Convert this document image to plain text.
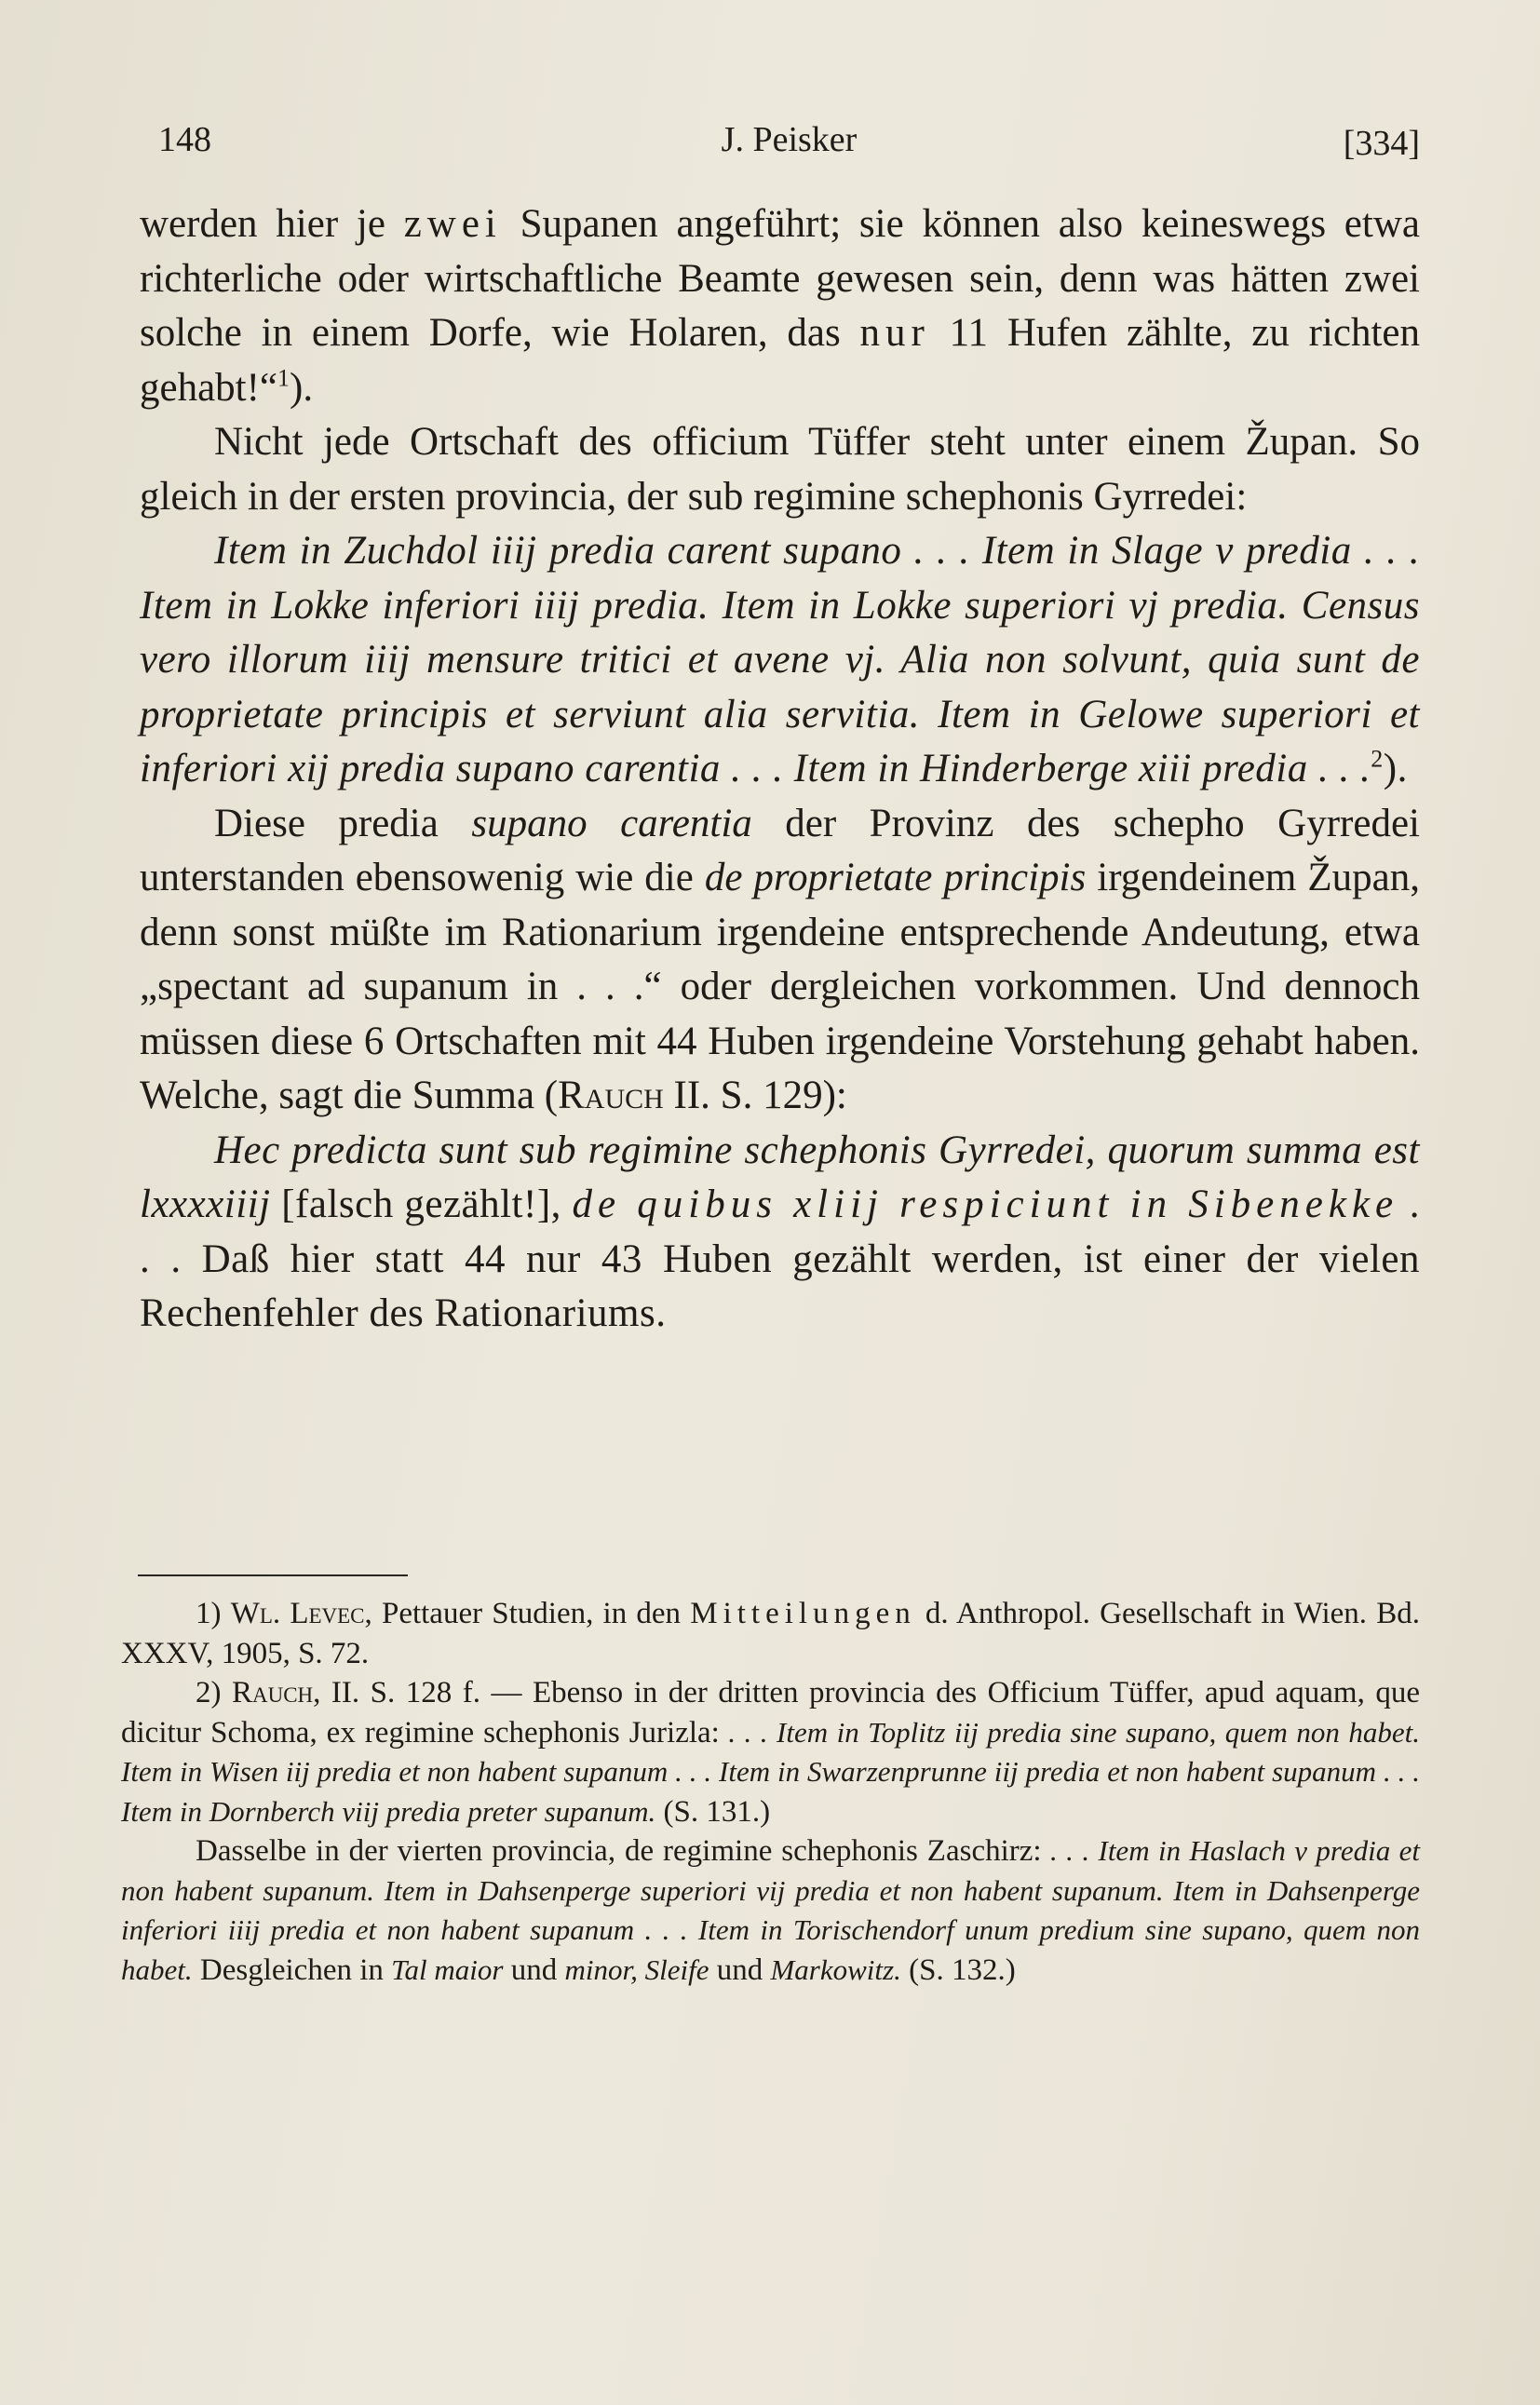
148	J. Peisker	[334]

werden hier je zwei Supanen angeführt; sie können also keineswegs etwa richterliche oder wirtschaftliche Beamte gewesen sein, denn was hätten zwei solche in einem Dorfe, wie Holaren, das nur 11 Hufen zählte, zu richten gehabt!“$^1$).

Nicht jede Ortschaft des officium Tüffer steht unter einem Župan. So gleich in der ersten provincia, der sub regimine schephonis Gyrredei:

Item in Zuchdol iiij predia carent supano . . . Item in Slage v predia . . . Item in Lokke inferiori iiij predia. Item in Lokke superiori vj predia. Census vero illorum iiij mensure tritici et avene vj. Alia non solvunt, quia sunt de proprietate principis et serviunt alia servitia. Item in Gelowe superiori et inferiori xij predia supano carentia . . . Item in Hinderberge xiii predia . . .$^2$).

Diese predia supano carentia der Provinz des schepho Gyrredei unterstanden ebensowenig wie die de proprietate principis irgendeinem Župan, denn sonst müßte im Rationarium irgendeine entsprechende Andeutung, etwa „spectant ad supanum in . . .“ oder dergleichen vorkommen. Und dennoch müssen diese 6 Ortschaften mit 44 Huben irgendeine Vorstehung gehabt haben. Welche, sagt die Summa (Rauch II. S. 129):

Hec predicta sunt sub regimine schephonis Gyrredei, quorum summa est lxxxxiiij [falsch gezählt!], de quibus xliij respiciunt in Sibenekke . . . Daß hier statt 44 nur 43 Huben gezählt werden, ist einer der vielen Rechenfehler des Rationariums.

1) Wl. Levec, Pettauer Studien, in den Mitteilungen d. Anthropol. Gesellschaft in Wien. Bd. XXXV, 1905, S. 72.

2) Rauch, II. S. 128 f. — Ebenso in der dritten provincia des Officium Tüffer, apud aquam, que dicitur Schoma, ex regimine schephonis Jurizla: . . . Item in Toplitz iij predia sine supano, quem non habet. Item in Wisen iij predia et non habent supanum . . . Item in Swarzenprunne iij predia et non habent supanum . . . Item in Dornberch viij predia preter supanum. (S. 131.)

Dasselbe in der vierten provincia, de regimine schephonis Zaschirz: . . . Item in Haslach v predia et non habent supanum. Item in Dahsenperge superiori vij predia et non habent supanum. Item in Dahsenperge inferiori iiij predia et non habent supanum . . . Item in Torischendorf unum predium sine supano, quem non habet. Desgleichen in Tal maior und minor, Sleife und Markowitz. (S. 132.)
